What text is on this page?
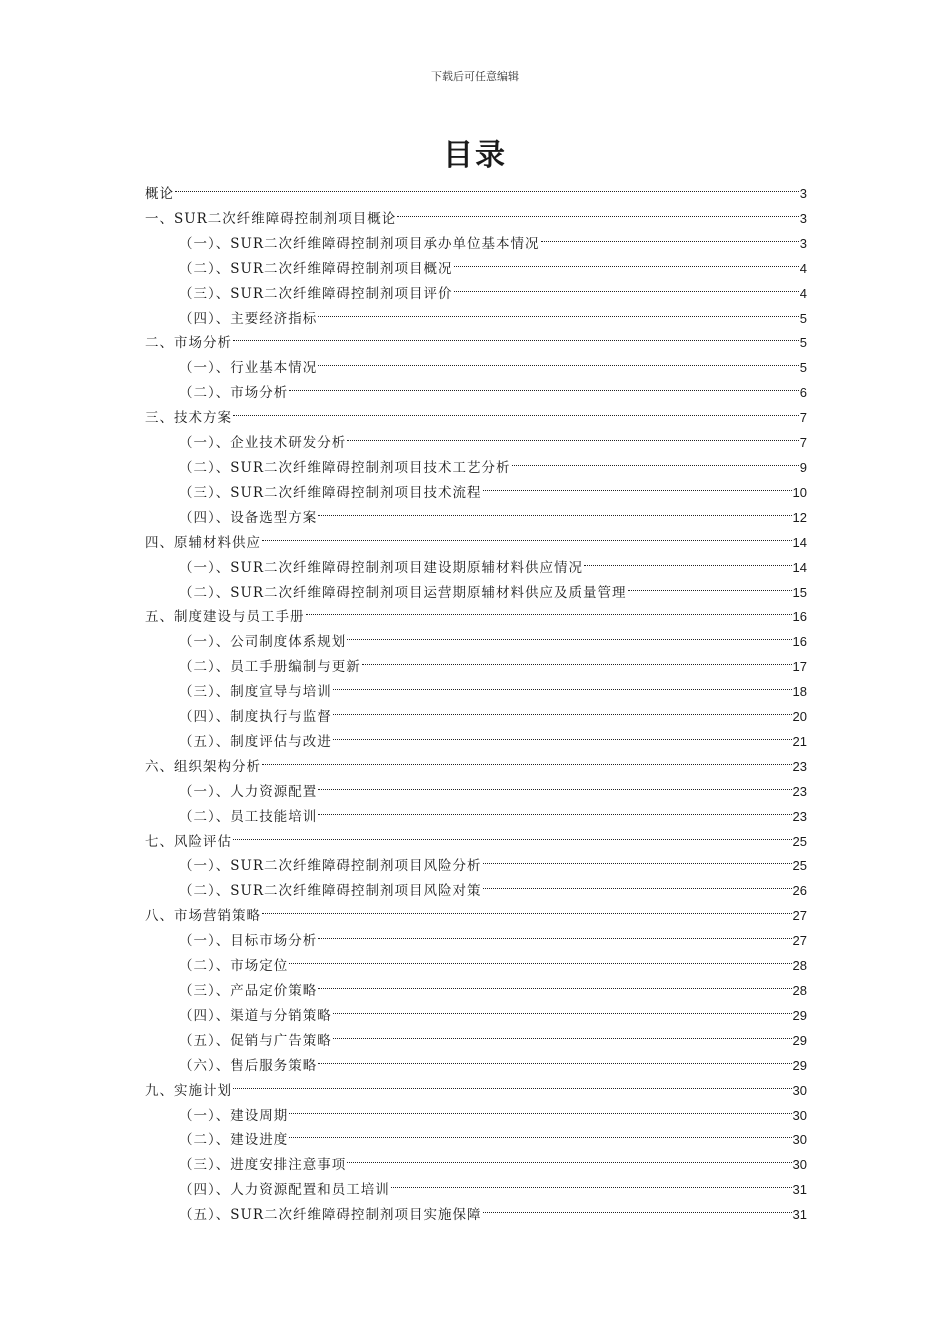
下载后可任意编辑
目录
概论	3
一、SUR二次纤维障碍控制剂项目概论	3
（一）、SUR二次纤维障碍控制剂项目承办单位基本情况	3
（二）、SUR二次纤维障碍控制剂项目概况	4
（三）、SUR二次纤维障碍控制剂项目评价	4
（四）、主要经济指标	5
二、市场分析	5
（一）、行业基本情况	5
（二）、市场分析	6
三、技术方案	7
（一）、企业技术研发分析	7
（二）、SUR二次纤维障碍控制剂项目技术工艺分析	9
（三）、SUR二次纤维障碍控制剂项目技术流程	10
（四）、设备选型方案	12
四、原辅材料供应	14
（一）、SUR二次纤维障碍控制剂项目建设期原辅材料供应情况	14
（二）、SUR二次纤维障碍控制剂项目运营期原辅材料供应及质量管理	15
五、制度建设与员工手册	16
（一）、公司制度体系规划	16
（二）、员工手册编制与更新	17
（三）、制度宣导与培训	18
（四）、制度执行与监督	20
（五）、制度评估与改进	21
六、组织架构分析	23
（一）、人力资源配置	23
（二）、员工技能培训	23
七、风险评估	25
（一）、SUR二次纤维障碍控制剂项目风险分析	25
（二）、SUR二次纤维障碍控制剂项目风险对策	26
八、市场营销策略	27
（一）、目标市场分析	27
（二）、市场定位	28
（三）、产品定价策略	28
（四）、渠道与分销策略	29
（五）、促销与广告策略	29
（六）、售后服务策略	29
九、实施计划	30
（一）、建设周期	30
（二）、建设进度	30
（三）、进度安排注意事项	30
（四）、人力资源配置和员工培训	31
（五）、SUR二次纤维障碍控制剂项目实施保障	31
